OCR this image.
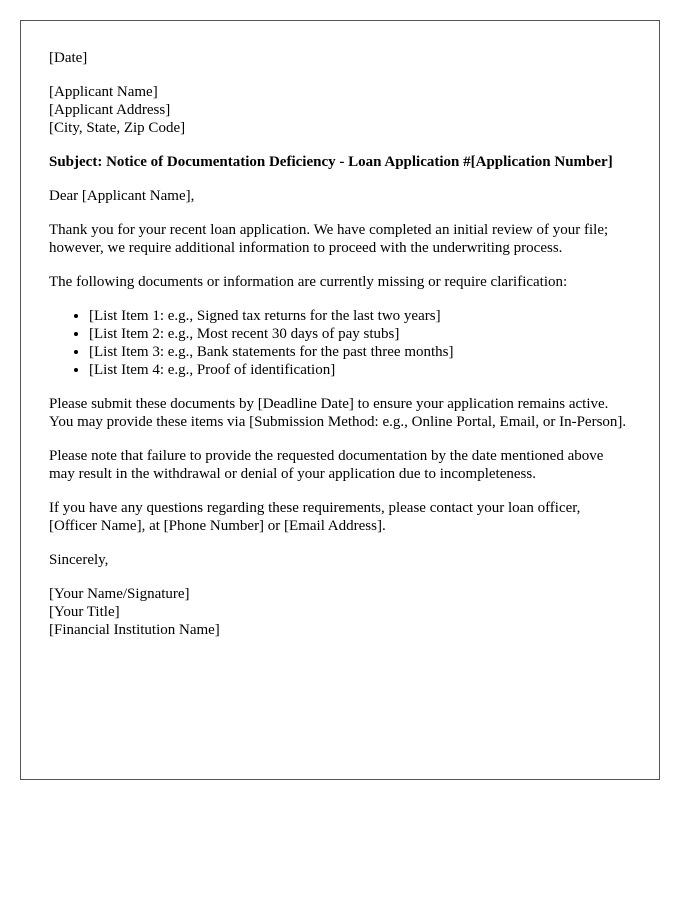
[Date]
[Applicant Name]
[Applicant Address]
[City, State, Zip Code]
Subject: Notice of Documentation Deficiency - Loan Application #[Application Number]

Dear [Applicant Name],

Thank you for your recent loan application. We have completed an initial review of your file; however, we require additional information to proceed with the underwriting process.

The following documents or information are currently missing or require clarification:

• [List Item 1: e.g., Signed tax returns for the last two years]
• [List Item 2: e.g., Most recent 30 days of pay stubs]
• [List Item 3: e.g., Bank statements for the past three months]
• [List Item 4: e.g., Proof of identification]

Please submit these documents by [Deadline Date] to ensure your application remains active. You may provide these items via [Submission Method: e.g., Online Portal, Email, or In-Person].

Please note that failure to provide the requested documentation by the date mentioned above may result in the withdrawal or denial of your application due to incompleteness.

If you have any questions regarding these requirements, please contact your loan officer, [Officer Name], at [Phone Number] or [Email Address].

Sincerely,

[Your Name/Signature]
[Your Title]
[Financial Institution Name]
